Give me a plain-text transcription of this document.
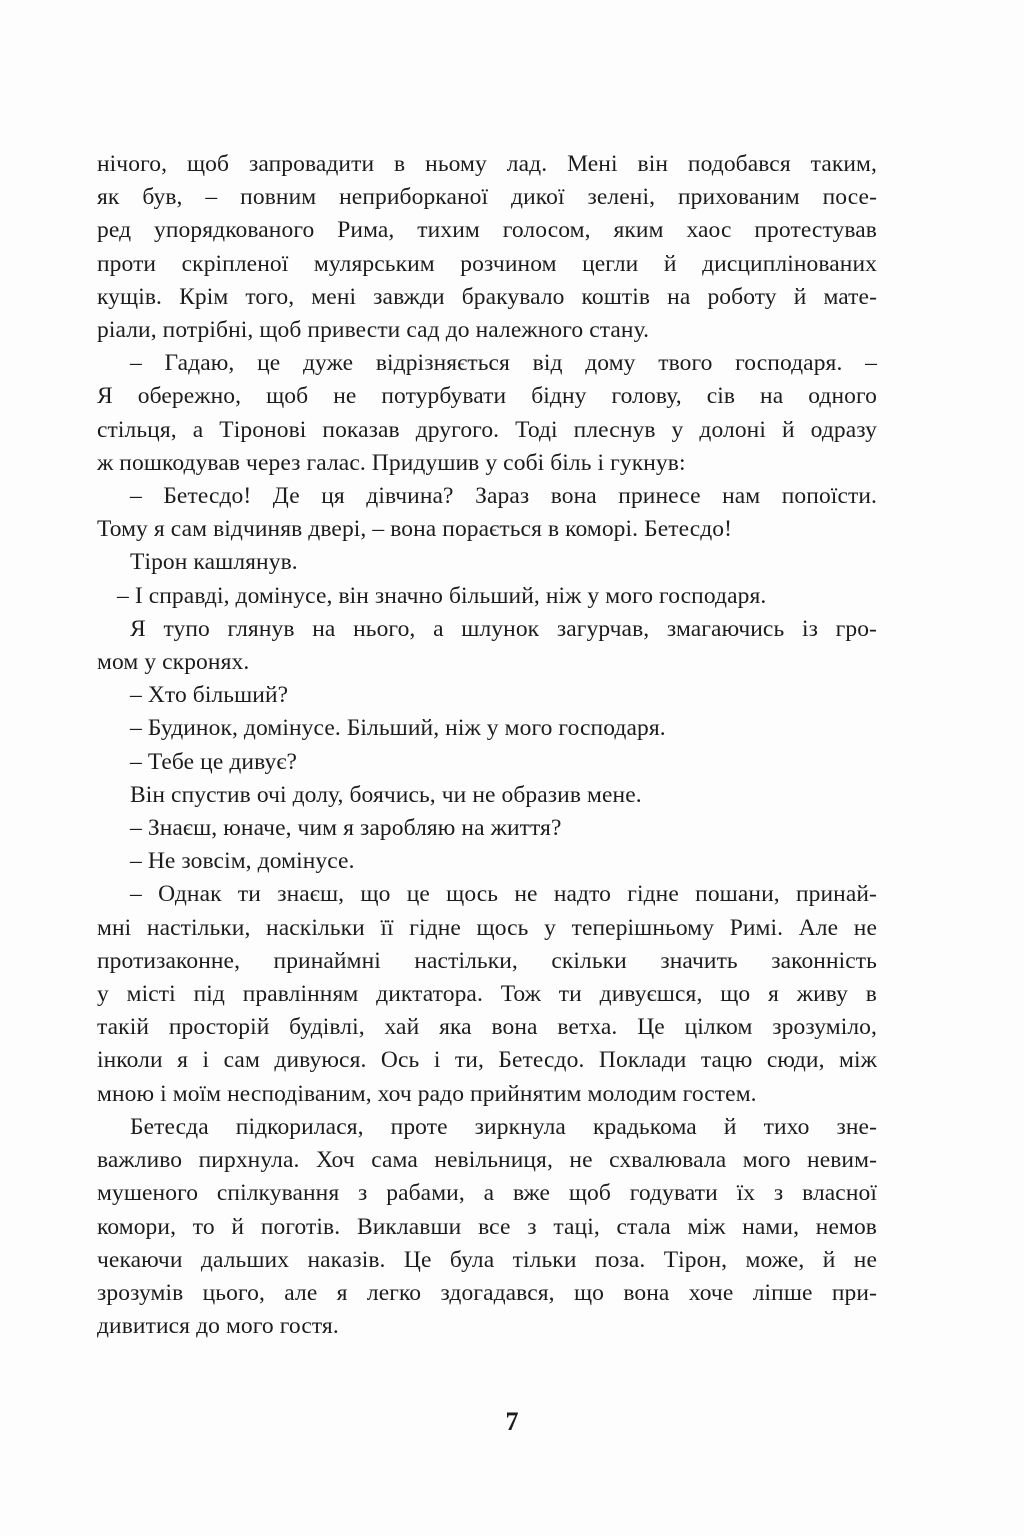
нічого, щоб запровадити в ньому лад. Мені він подобався таким,
як був, – повним неприборканої дикої зелені, прихованим посе-
ред упорядкованого Рима, тихим голосом, яким хаос протестував
проти скріпленої мулярським розчином цегли й дисциплінованих
кущів. Крім того, мені завжди бракувало коштів на роботу й мате-
ріали, потрібні, щоб привести сад до належного стану.
– Гадаю, це дуже відрізняється від дому твого господаря. –
Я обережно, щоб не потурбувати бідну голову, сів на одного
стільця, а Тіронові показав другого. Тоді плеснув у долоні й одразу
ж пошкодував через галас. Придушив у собі біль і гукнув:
– Бетесдо! Де ця дівчина? Зараз вона принесе нам попоїсти.
Тому я сам відчиняв двері, – вона порається в коморі. Бетесдо!
Тірон кашлянув.
– І справді, домінусе, він значно більший, ніж у мого господаря.
Я тупо глянув на нього, а шлунок загурчав, змагаючись із гро-
мом у скронях.
– Хто більший?
– Будинок, домінусе. Більший, ніж у мого господаря.
– Тебе це дивує?
Він спустив очі долу, боячись, чи не образив мене.
– Знаєш, юначе, чим я заробляю на життя?
– Не зовсім, домінусе.
– Однак ти знаєш, що це щось не надто гідне пошани, принай-
мні настільки, наскільки її гідне щось у теперішньому Римі. Але не
протизаконне, принаймні настільки, скільки значить законність
у місті під правлінням диктатора. Тож ти дивуєшся, що я живу в
такій просторій будівлі, хай яка вона ветха. Це цілком зрозуміло,
інколи я і сам дивуюся. Ось і ти, Бетесдо. Поклади тацю сюди, між
мною і моїм несподіваним, хоч радо прийнятим молодим гостем.
Бетесда підкорилася, проте зиркнула крадькома й тихо зне-
важливо пирхнула. Хоч сама невільниця, не схвалювала мого невим-
мушеного спілкування з рабами, а вже щоб годувати їх з власної
комори, то й поготів. Виклавши все з таці, стала між нами, немов
чекаючи дальших наказів. Це була тільки поза. Тірон, може, й не
зрозумів цього, але я легко здогадався, що вона хоче ліпше при-
дивитися до мого гостя.
7
